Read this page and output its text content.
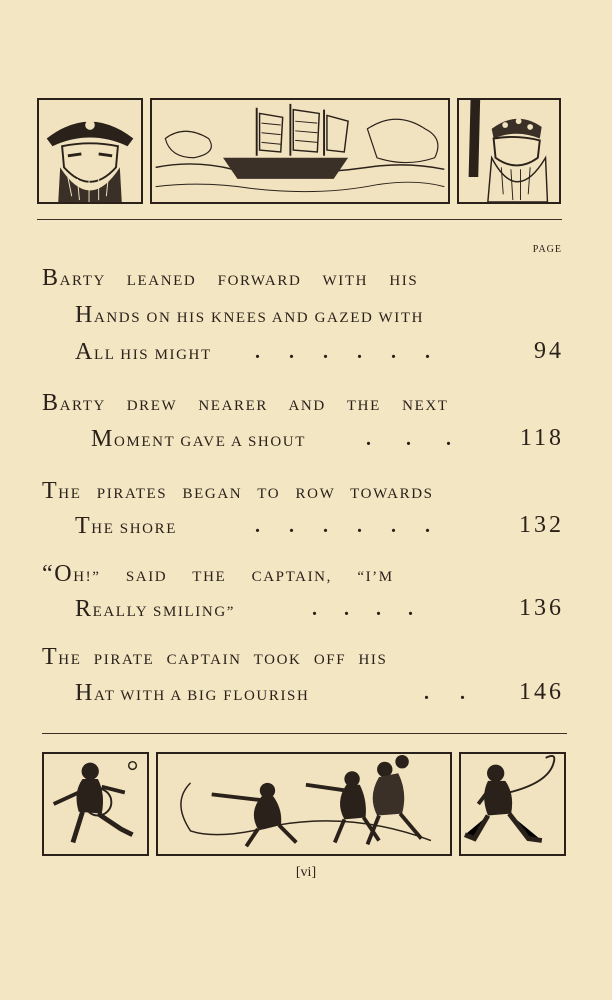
PAGE
BARTY LEANED FORWARD WITH HIS
HANDS ON HIS KNEES AND GAZED WITH
ALL HIS MIGHT . . . . . .	94
BARTY DREW NEARER AND THE NEXT
MOMENT GAVE A SHOUT	. . .	118
THE PIRATES BEGAN TO ROW TOWARDS
THE SHORE	. . . . . .	132
“OH!” SAID THE CAPTAIN, “I’M
REALLY SMILING”	. . . .	136
THE PIRATE CAPTAIN TOOK OFF HIS
HAT WITH A BIG FLOURISH	. . 146
[vi]
